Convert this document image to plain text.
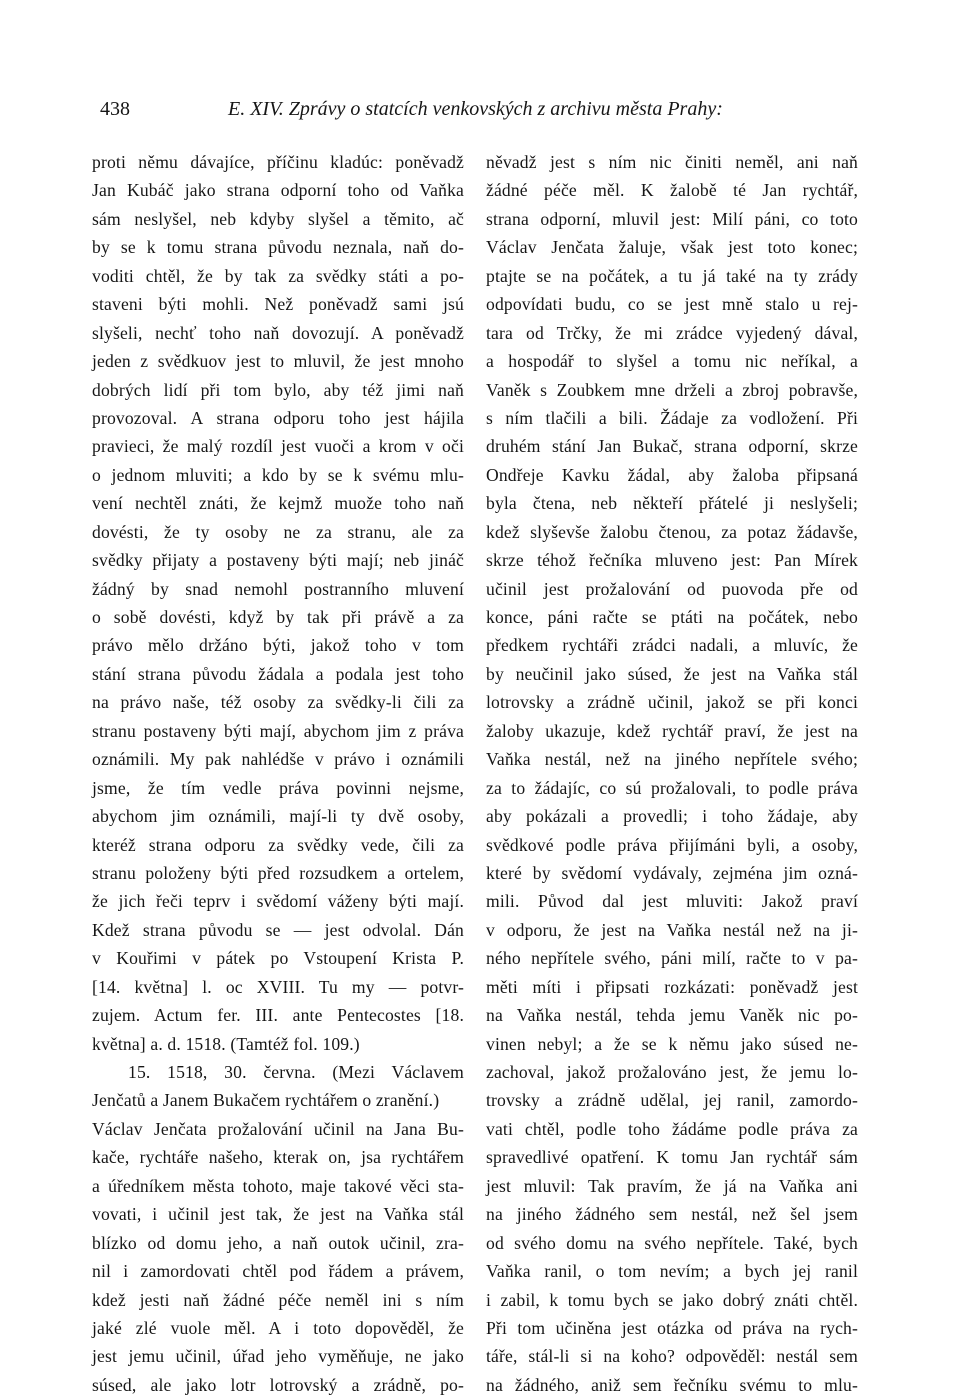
438	E. XIV. Zprávy o statcích venkovských z archivu města Prahy:
proti němu dávajíce, příčinu kladúc: poněvadž
Jan Kubáč jako strana odporní toho od Vaňka
sám neslyšel, neb kdyby slyšel a těmito, ač
by se k tomu strana původu neznala, naň do-
voditi chtěl, že by tak za svědky státi a po-
staveni býti mohli. Než poněvadž sami jsú
slyšeli, nechť toho naň dovozují. A poněvadž
jeden z svědkuov jest to mluvil, že jest mnoho
dobrých lidí při tom bylo, aby též jimi naň
provozoval. A strana odporu toho jest hájila
pravieci, že malý rozdíl jest vuoči a krom v oči
o jednom mluviti; a kdo by se k svému mlu-
vení nechtěl znáti, že kejmž muože toho naň
dovésti, že ty osoby ne za stranu, ale za
svědky přijaty a postaveny býti mají; neb jináč
žádný by snad nemohl postranního mluvení
o sobě dovésti, když by tak při právě a za
právo mělo držáno býti, jakož toho v tom
stání strana původu žádala a podala jest toho
na právo naše, též osoby za svědky-li čili za
stranu postaveny býti mají, abychom jim z práva
oznámili. My pak nahlédše v právo i oznámili
jsme, že tím vedle práva povinni nejsme,
abychom jim oznámili, mají-li ty dvě osoby,
kteréž strana odporu za svědky vede, čili za
stranu položeny býti před rozsudkem a ortelem,
že jich řeči teprv i svědomí váženy býti mají.
Kdež strana původu se — jest odvolal. Dán
v Kouřimi v pátek po Vstoupení Krista P.
[14. května] l. oc XVIII. Tu my — potvr-
zujem. Actum fer. III. ante Pentecostes [18.
května] a. d. 1518. (Tamtéž fol. 109.)
15. 1518, 30. června. (Mezi Václavem
Jenčatů a Janem Bukačem rychtářem o zranění.)
Václav Jenčata prožalování učinil na Jana Bu-
kače, rychtáře našeho, kterak on, jsa rychtářem
a úředníkem města tohoto, maje takové věci sta-
vovati, i učinil jest tak, že jest na Vaňka stál
blízko od domu jeho, a naň outok učinil, zra-
nil i zamordovati chtěl pod řádem a právem,
kdež jesti naň žádné péče neměl ini s ním
jaké zlé vuole měl. A i toto dopověděl, že
jest jemu učinil, úřad jeho vyměňuje, ne jako
súsed, ale jako lotr lotrovský a zrádně, po-
něvadž jest s ním nic činiti neměl, ani naň
žádné péče měl. K žalobě té Jan rychtář,
strana odporní, mluvil jest: Milí páni, co toto
Václav Jenčata žaluje, však jest toto konec;
ptajte se na počátek, a tu já také na ty zrády
odpovídati budu, co se jest mně stalo u rej-
tara od Trčky, že mi zrádce vyjedený dával,
a hospodář to slyšel a tomu nic neříkal, a
Vaněk s Zoubkem mne drželi a zbroj pobravše,
s ním tlačili a bili. Žádaje za vodložení. Při
druhém stání Jan Bukač, strana odporní, skrze
Ondřeje Kavku žádal, aby žaloba připsaná
byla čtena, neb někteří přátelé ji neslyšeli;
kdež slyševše žalobu čtenou, za potaz žádavše,
skrze téhož řečníka mluveno jest: Pan Mírek
učinil jest prožalování od puovoda pře od
konce, páni račte se ptáti na počátek, nebo
předkem rychtáři zrádci nadali, a mluvíc, že
by neučinil jako súsed, že jest na Vaňka stál
lotrovsky a zrádně učinil, jakož se při konci
žaloby ukazuje, kdež rychtář praví, že jest na
Vaňka nestál, než na jiného nepřítele svého;
za to žádajíc, co sú prožalovali, to podle práva
aby pokázali a provedli; i toho žádaje, aby
svědkové podle práva přijímáni byli, a osoby,
které by svědomí vydávaly, zejména jim ozná-
mili. Původ dal jest mluviti: Jakož praví
v odporu, že jest na Vaňka nestál než na ji-
ného nepřítele svého, páni milí, račte to v pa-
měti míti i připsati rozkázati: poněvadž jest
na Vaňka nestál, tehda jemu Vaněk nic po-
vinen nebyl; a že se k němu jako súsed ne-
zachoval, jakož prožalováno jest, že jemu lo-
trovsky a zrádně udělal, jej ranil, zamordo-
vati chtěl, podle toho žádáme podle práva za
spravedlivé opatření. K tomu Jan rychtář sám
jest mluvil: Tak pravím, že já na Vaňka ani
na jiného žádného sem nestál, než šel jsem
od svého domu na svého nepřítele. Také, bych
Vaňka ranil, o tom nevím; a bych jej ranil
i zabil, k tomu bych se jako dobrý znáti chtěl.
Při tom učiněna jest otázka od práva na rych-
táře, stál-li si na koho? odpověděl: nestál sem
na žádného, aniž sem řečníku svému to mlu-
